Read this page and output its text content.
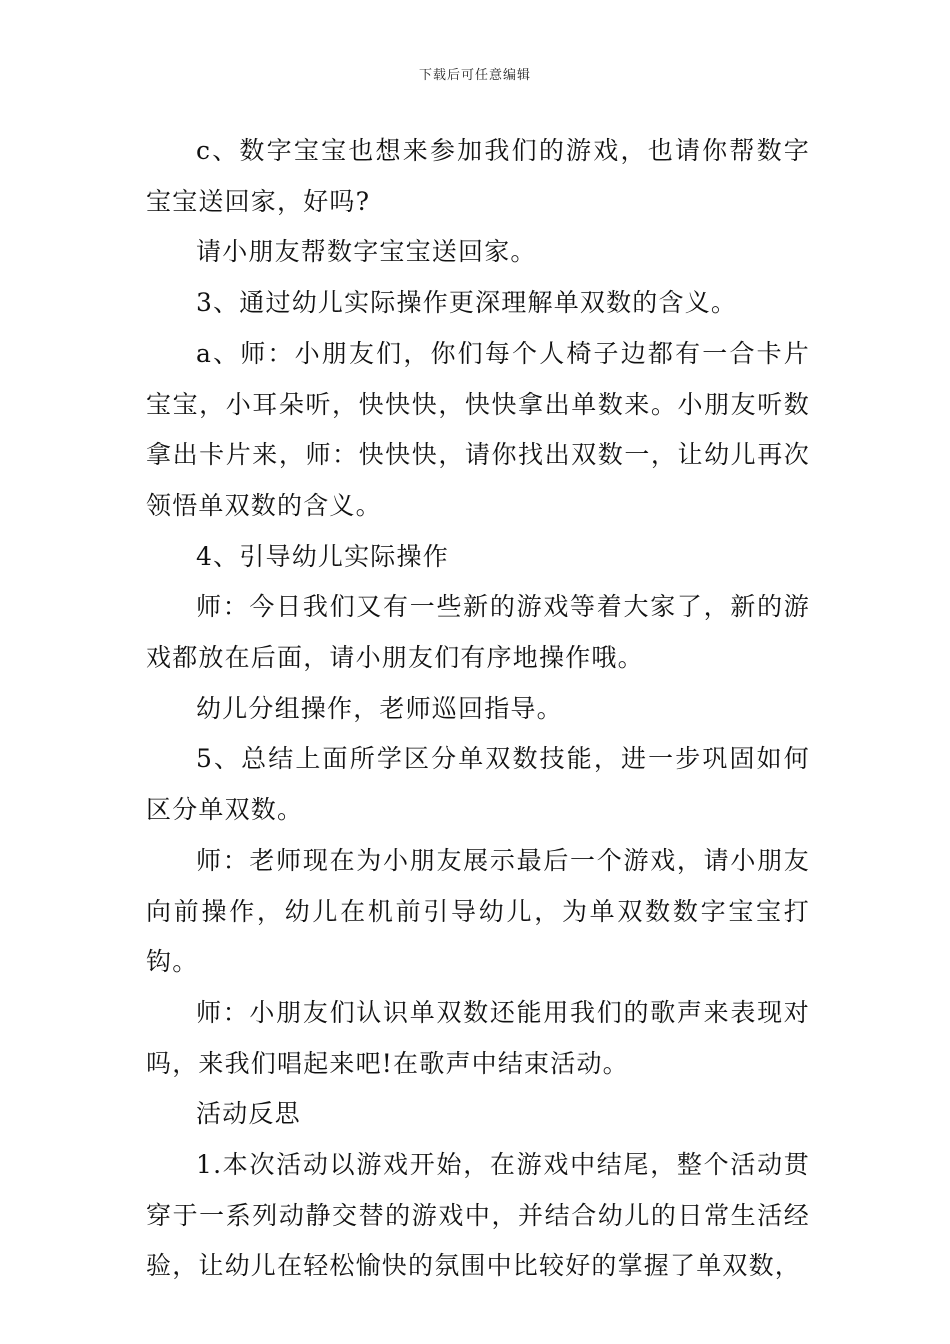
下载后可任意编辑

c、数字宝宝也想来参加我们的游戏，也请你帮数字宝宝送回家，好吗?

请小朋友帮数字宝宝送回家。

3、通过幼儿实际操作更深理解单双数的含义。

a、师：小朋友们，你们每个人椅子边都有一合卡片宝宝，小耳朵听，快快快，快快拿出单数来。小朋友听数拿出卡片来，师：快快快，请你找出双数一，让幼儿再次领悟单双数的含义。

4、引导幼儿实际操作

师：今日我们又有一些新的游戏等着大家了，新的游戏都放在后面，请小朋友们有序地操作哦。

幼儿分组操作，老师巡回指导。

5、总结上面所学区分单双数技能，进一步巩固如何区分单双数。

师：老师现在为小朋友展示最后一个游戏，请小朋友向前操作，幼儿在机前引导幼儿，为单双数数字宝宝打钩。

师：小朋友们认识单双数还能用我们的歌声来表现对吗，来我们唱起来吧!在歌声中结束活动。

活动反思

1.本次活动以游戏开始，在游戏中结尾，整个活动贯穿于一系列动静交替的游戏中，并结合幼儿的日常生活经验，让幼儿在轻松愉快的氛围中比较好的掌握了单双数，
